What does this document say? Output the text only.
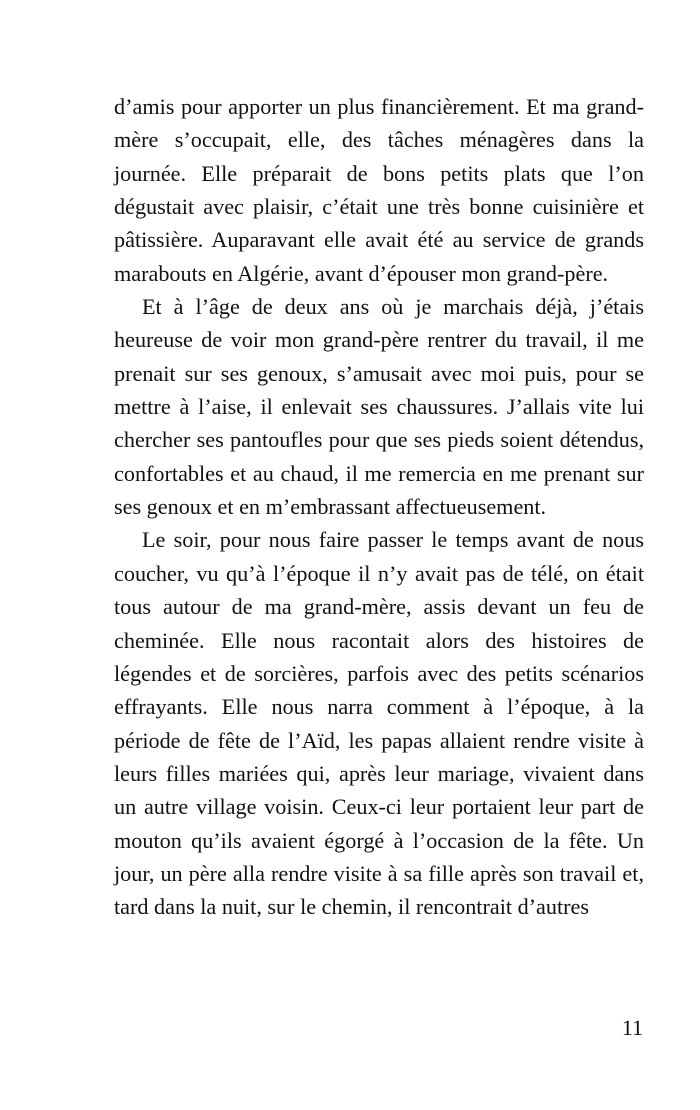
d’amis pour apporter un plus financièrement. Et ma grand-mère s’occupait, elle, des tâches ménagères dans la journée. Elle préparait de bons petits plats que l’on dégustait avec plaisir, c’était une très bonne cuisinière et pâtissière. Auparavant elle avait été au service de grands marabouts en Algérie, avant d’épouser mon grand-père.

Et à l’âge de deux ans où je marchais déjà, j’étais heureuse de voir mon grand-père rentrer du travail, il me prenait sur ses genoux, s’amusait avec moi puis, pour se mettre à l’aise, il enlevait ses chaussures. J’allais vite lui chercher ses pantoufles pour que ses pieds soient détendus, confortables et au chaud, il me remercia en me prenant sur ses genoux et en m’embrassant affectueusement.

Le soir, pour nous faire passer le temps avant de nous coucher, vu qu’à l’époque il n’y avait pas de télé, on était tous autour de ma grand-mère, assis devant un feu de cheminée. Elle nous racontait alors des histoires de légendes et de sorcières, parfois avec des petits scénarios effrayants. Elle nous narra comment à l’époque, à la période de fête de l’Aïd, les papas allaient rendre visite à leurs filles mariées qui, après leur mariage, vivaient dans un autre village voisin. Ceux-ci leur portaient leur part de mouton qu’ils avaient égorgé à l’occasion de la fête. Un jour, un père alla rendre visite à sa fille après son travail et, tard dans la nuit, sur le chemin, il rencontrait d’autres

11
